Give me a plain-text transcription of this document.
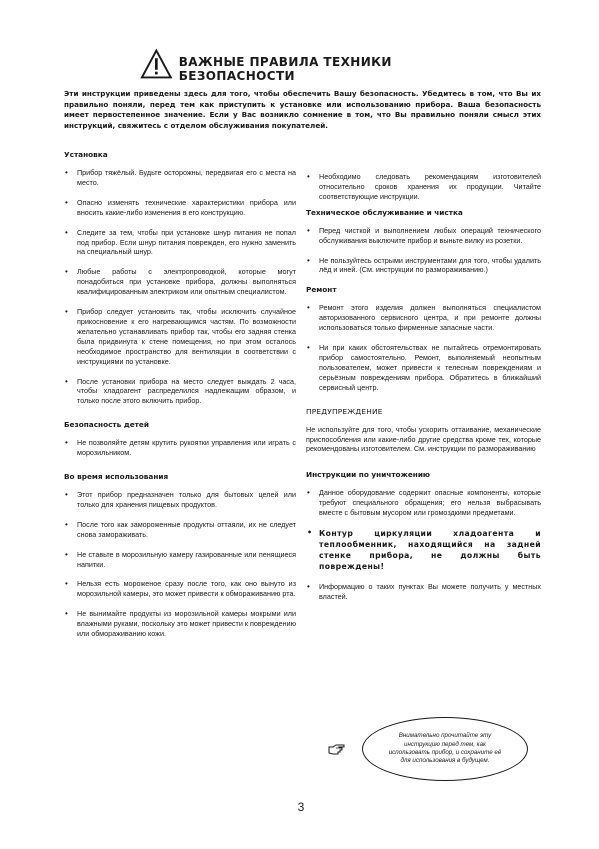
ВАЖНЫЕ ПРАВИЛА ТЕХНИКИ БЕЗОПАСНОСТИ
Эти инструкции приведены здесь для того, чтобы обеспечить Вашу безопасность. Убедитесь в том, что Вы их правильно поняли, перед тем как приступить к установке или использованию прибора. Ваша безопасность имеет первостепенное значение. Если у Вас возникло сомнение в том, что Вы правильно поняли смысл этих инструкций, свяжитесь с отделом обслуживания покупателей.
Установка
• Прибор тяжёлый. Будьте осторожны, передвигая его с места на место.
• Опасно изменять технические характеристики прибора или вносить какие-либо изменения в его конструкцию.
• Следите за тем, чтобы при установке шнур питания не попал под прибор. Если шнур питания поврежден, его нужно заменить на специальный шнур.
• Любые работы с электропроводкой, которые могут понадобиться при установке прибора, должны выполняться квалифицированным электриком или опытным специалистом.
• Прибор следует установить так, чтобы исключить случайное прикосновение к его нагревающимся частям. По возможности желательно устанавливать прибор так, чтобы его задняя стенка была придвинута к стене помещения, но при этом осталось необходимое пространство для вентиляции в соответствии с инструкциями по установке.
• После установки прибора на место следует выждать 2 часа, чтобы хладоагент распределился надлежащим образом, и только после этого включить прибор.
Безопасность детей
• Не позволяйте детям крутить рукоятки управления или играть с морозильником.
Во время использования
• Этот прибор предназначен только для бытовых целей или только для хранения пищевых продуктов.
• После того как замороженные продукты оттаяли, их не следует снова замораживать.
• Не ставьте в морозильную камеру газированные или пенящиеся напитки.
• Нельзя есть мороженое сразу после того, как оно вынуто из морозильной камеры, это может привести к обмораживанию рта.
• Не вынимайте продукты из морозильной камеры мокрыми или влажными руками, поскольку это может привести к повреждению или обмораживанию кожи.
• Необходимо следовать рекомендациям изготовителей относительно сроков хранения их продукции. Читайте соответствующие инструкции.
Техническое обслуживание и чистка
• Перед чисткой и выполнением любых операций технического обслуживания выключите прибор и выньте вилку из розетки.
• Не пользуйтесь острыми инструментами для того, чтобы удалить лёд и иней. (См. инструкции по размораживанию.)
Ремонт
• Ремонт этого изделия должен выполняться специалистом авторизованного сервисного центра, и при ремонте должны использоваться только фирменные запасные части.
• Ни при каких обстоятельствах не пытайтесь отремонтировать прибор самостоятельно. Ремонт, выполняемый неопытным пользователем, может привести к телесным повреждениям и серьёзным повреждениям прибора. Обратитесь в ближайший сервисный центр.
ПРЕДУПРЕЖДЕНИЕ
Не используйте для того, чтобы ускорить оттаивание, механические приспособления или какие-либо другие средства кроме тех, которые рекомендованы изготовителем. См. инструкции по размораживанию
Инструкции по уничтожению
• Данное оборудование содержит опасные компоненты, которые требуют специального обращения; его нельзя выбрасывать вместе с бытовым мусором или громоздкими предметами.
• Контур циркуляции хладоагента и теплообменник, находящийся на задней стенке прибора, не должны быть повреждены!
• Информацию о таких пунктах Вы можете получить у местных властей.
Внимательно прочитайте эту инструкцию перед тем, как использовать прибор, и сохраните её для использования в будущем.
3
